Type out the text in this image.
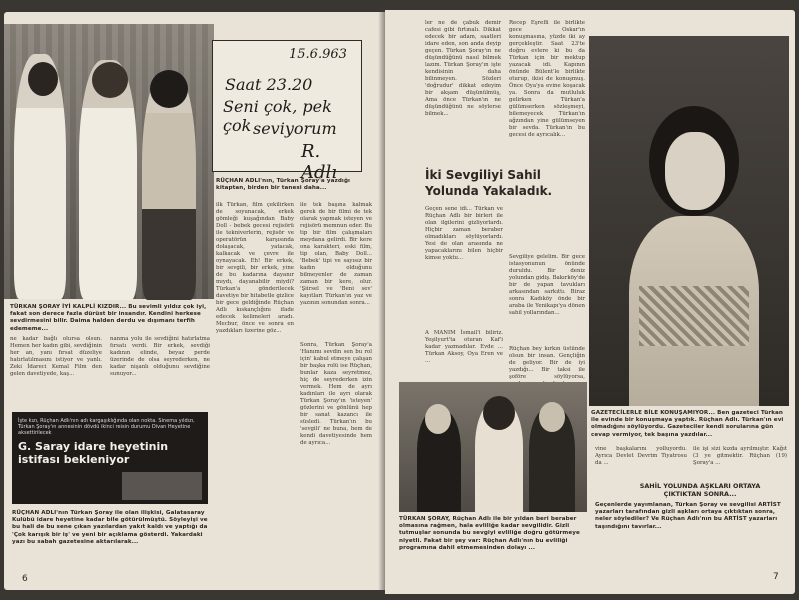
TÜRKAN ŞORAY İYİ KALPLİ KIZDIR... Bu sevimli yıldız çok iyi, fakat son derece fazla dürüst bir insandır. Kendini herkese sevdirmesini bilir. Daima halden derdu ve dışımanı terfih edememe...
15.6.963
Saat 23.20
Seni çok, pek çok seviyorum
R. Adlı
RÜÇHAN ADLI'nın, Türkan Şoray'a yazdığı kitaptan, birden bir tanesi daha...
ilk Türkan, film çekilirken de soyunacak, erkek gömleği kuşağından Baby Doll - bebek gecesi rejisörü ile tekniverlerin, rejisör ve operatörün karşısında dolaşacak, yatacak, kalkacak ve çevre ile oynayacak. Eh! Bir erkek, bir sevgili, bir erkek, yine de bu kadarına dayanır mıydı, dayanabilir miydi? Türkan'a gönderilecek davetiye bir hitabetle gizlice bir gece geldiğinde Rüçhan Adlı kıskançlığını ifade edecek kelimeleri aradı. Mecbur, önce ve sonra en yazdıkları üzerine göz...
ile tek başına kalmak gerek de bir filmi de tek olarak yapmak isteyen ve rejisörü memnun eder. Bu tip bir film çalışmaları meydana gelirdi. Bir kere ona karakteri, eski film, tip olan, Baby Doll... 'Bebek' tipi ve sayısız bir kadın olduğunu bilmeyenler de zaman zaman bir kere, olur. 'Şiirsel ve 'Beni sev' kayıtları Türkan'ın yaz ve yazının sonundan sonra...
Sonra, Türkan Şoray'a 'Hanımı sevdin sen bu rol için' kabul etmeye çalışan bir başka rolü ise Rüçhan, bunlar kaza seyretmez, hiç de seyrederken izin vermek. Hem de ayrı kadınları ile ayrı olarak Türkan Şoray'ın 'isteyen' gözlerini ve gönlünü hep bir sanat kazancı ile süsledi. Türkan'ın bu 'sevgili' ne buna, hem de kendi davetiyesinde hem de ayrıca...
ne kadar bağlı olursa olsun. Hemen her kadın gibi, sevdiğinin her an, yanı fırsat düzeliye hatırlatılmasını istiyor ve yanlı. Zeki İdareci Kemal Film den gelen davetiyede, kaş...
nanma yolu ile sevdiğini hatırlatma fırsatı verdi. Bir erkek, sevdiği kadının elinde, beyaz perde üzerinde de olsa seyrederken, ne kadar nişanlı olduğunu sevdiğine sunuyor...
İşte kızı, Rüçhan Adlı'nın adı kargaşıklığında olan nokta. Sinema yıldızı, Türkan Şoray'ın annesinin dövdü ikinci reisin durumu Divan Heyetine aksettirilecek
G. Saray idare heyetinin istifası bekleniyor
RÜÇHAN ADLI'nın Türkan Şoray ile olan ilişkisi, Galatasaray Kulübü idare heyetine kadar bile götürülmüştü. Söyleyişi ve bu hali de bu sene çıkan yazılardan yakıt kaldı ve yaptığı da 'Çok karışık bir iş' ve yeni bir açıklama gösterdi. Yakardaki yazı bu sabah gazetesine aktarılarak...
6
ler ne de çabuk demir cafesi gibi fırtınalı. Dikkat edecek bir adam, saatleri idare eden, son anda deyip geçen. Türkan Şoray'ın ne düşündüğünü nasıl bilmek lazım. Türkan Şoray'ın işte kendisinin daha bilinmeyen. Sözleri 'doğrudur' dikkat edeyim bir akşam düşünülmüş, Ama önce Türkan'ın ne düşündüğünü ne söylerse bilmek...
Recep Eşrefli ile birlikte gece Oskar'ın konuşmasına, yüzde iki ay gerçekleştir. Saat 23'te doğru evlere ki bu da Türkan için bir mektup yazacak idi. Kapının önünde Bülent'le birlikte oturup, ikisi de konuşmuş. Önce Oya'ya evine koşacak ya. Sonra da mutluluk gelirken Türkan'a gülümserken sözleşmeyi, bilemeyecek Türkan'ın ağzından yine gülümseyen bir sevda. Türkan'ın bu gecesi de ayrıcalık...
İki Sevgiliyi Sahil
Yolunda Yakaladık.
Geçen sene idi... Türkan ve Rüçhan Adlı bir birleri ile olan ilgilerini gizliyorlardı. Hiçbir zaman beraber olmadıkları söylüyorlardı. Yesi de olan arasında ne yapacaklarını bilen hiçbir kimse yoktu...	Sevgiliye gelelim. Bir gece istasyonunun önünde duruldu. Bir deniz yolundan gidiş. Bakırköy'de bir de yapan tavukları arkasından sarkıttı. Biraz sonra Kadıköy önde bir araba ile Yenikapı'ya dönen sahil yollarından...
A MANIM İsmail'i biliriz. Yeşilyurt'ta oturan Kaf'i kadar yazmadılar. Evde ... Türkan Aksoy, Oya Eren ve ...
Rüçhan bey kırkın üstünde olsun bir insan. Gençliğin de geliyor. Bir de iyi yazdığı... Bir taksi ile şoföre söylüyorsa,
GAZETECİLERLE BİLE KONUŞAMIYOR... Ben gazeteci Türkan ile evinde bir konuşmaya yaptık. Rüçhan Adlı. Türkan'ın evi olmadığını söylüyordu. Gazeteciler kendi sorularına gün cevap vermiyor, tek başına yazdılar...
TÜRKAN ŞORAY, Rüçhan Adlı ile bir yıldan beri beraber olmasına rağmen, hala evliliğe kadar sevgilidir. Gizli tutmuşlar sonunda bu sevgiyi evliliğe doğru götürmeye niyetli. Fakat bir şey var: Rüçhan Adlı'nın bu evliliği programına dahil etmemesinden dolayı ...
vine başkalarını yolluyordu. Ayrıca Devlet Devrim Tiyatrosu da ...
ile işi sizi kızda ayrılmıştır. Kağıt (3 ye gitmektir. Rüçhan (19) Şoray'a ...
SAHİL YOLUNDA AŞKLARI ORTAYA ÇIKTIKTAN SONRA...
Geçenlerde yayımlanan, Türkan Şoray ve sevgilisi ARTİST yazarları tarafından gizli aşkları ortaya çıktıktan sonra, neler söylediler? Ve Rüçhan Adlı'nın bu ARTİST yazarları taşındığını tavırlar...
7
